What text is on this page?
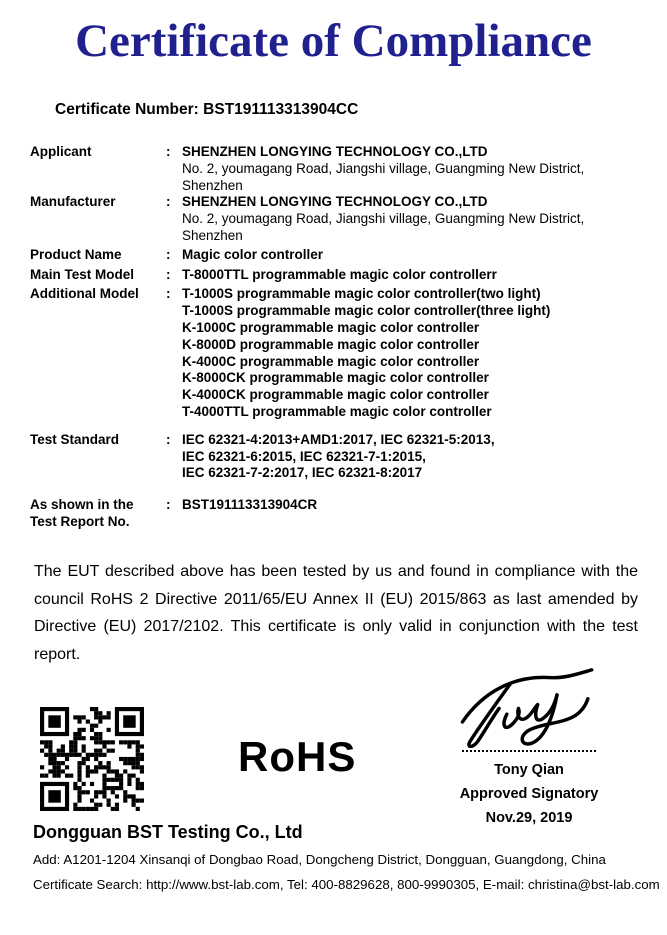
Certificate of Compliance
Certificate Number: BST191113313904CC
Applicant	: SHENZHEN LONGYING TECHNOLOGY CO.,LTD
No. 2, youmagang Road, Jiangshi village, Guangming New District,
Shenzhen
Manufacturer	: SHENZHEN LONGYING TECHNOLOGY CO.,LTD
No. 2, youmagang Road, Jiangshi village, Guangming New District,
Shenzhen
Product Name	: Magic color controller
Main Test Model	: T-8000TTL programmable magic color controllerr
Additional Model	: T-1000S programmable magic color controller(two light)
T-1000S programmable magic color controller(three light)
K-1000C programmable magic color controller
K-8000D programmable magic color controller
K-4000C programmable magic color controller
K-8000CK programmable magic color controller
K-4000CK programmable magic color controller
T-4000TTL programmable magic color controller
Test Standard	: IEC 62321-4:2013+AMD1:2017, IEC 62321-5:2013,
IEC 62321-6:2015, IEC 62321-7-1:2015,
IEC 62321-7-2:2017, IEC 62321-8:2017
As shown in the
Test Report No.
: BST191113313904CR
The EUT described above has been tested by us and found in compliance with the council RoHS 2 Directive 2011/65/EU Annex II (EU) 2015/863 as last amended by Directive (EU) 2017/2102. This certificate is only valid in conjunction with the test report.
RoHS	Tony Qian
Approved Signatory
Nov.29, 2019
Dongguan BST Testing Co., Ltd
Add: A1201-1204 Xinsanqi of Dongbao Road, Dongcheng District, Dongguan, Guangdong, China
Certificate Search: http://www.bst-lab.com, Tel: 400-8829628, 800-9990305, E-mail: christina@bst-lab.com
